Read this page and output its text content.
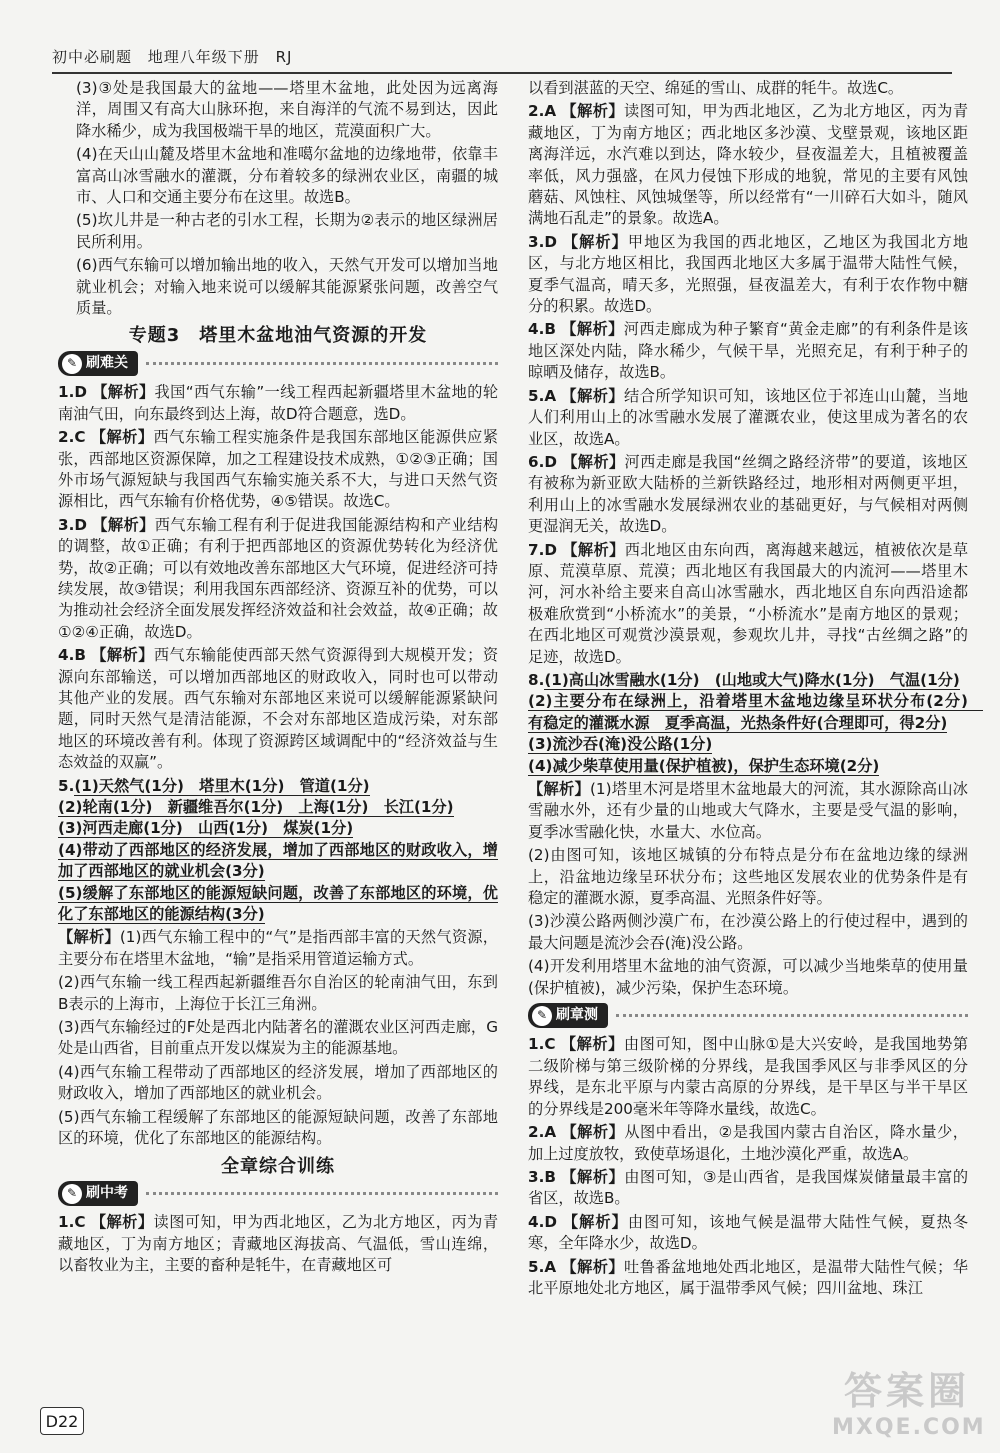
初中必刷题 地理八年级下册 RJ

(3)③处是我国最大的盆地——塔里木盆地，此处因为远离海洋，周围又有高大山脉环抱，来自海洋的气流不易到达，因此降水稀少，成为我国极端干旱的地区，荒漠面积广大。

(4)在天山山麓及塔里木盆地和准噶尔盆地的边缘地带，依靠丰富高山冰雪融水的灌溉，分布着较多的绿洲农业区，南疆的城市、人口和交通主要分布在这里。故选B。

(5)坎儿井是一种古老的引水工程，长期为②表示的地区绿洲居民所利用。

(6)西气东输可以增加输出地的收入，天然气开发可以增加当地就业机会；对输入地来说可以缓解其能源紧张问题，改善空气质量。

专题3　塔里木盆地油气资源的开发
✎ 刷难关

1.D 【解析】我国“西气东输”一线工程西起新疆塔里木盆地的轮南油气田，向东最终到达上海，故D符合题意，选D。

2.C 【解析】西气东输工程实施条件是我国东部地区能源供应紧张，西部地区资源保障，加之工程建设技术成熟，①②③正确；国外市场气源短缺与我国西气东输实施关系不大，与进口天然气资源相比，西气东输有价格优势，④⑤错误。故选C。

3.D 【解析】西气东输工程有利于促进我国能源结构和产业结构的调整，故①正确；有利于把西部地区的资源优势转化为经济优势，故②正确；可以有效地改善东部地区大气环境，促进经济可持续发展，故③错误；利用我国东西部经济、资源互补的优势，可以为推动社会经济全面发展发挥经济效益和社会效益，故④正确；故①②④正确，故选D。

4.B 【解析】西气东输能使西部天然气资源得到大规模开发；资源向东部输送，可以增加西部地区的财政收入，同时也可以带动其他产业的发展。西气东输对东部地区来说可以缓解能源紧缺问题，同时天然气是清洁能源，不会对东部地区造成污染，对东部地区的环境改善有利。体现了资源跨区域调配中的“经济效益与生态效益的双赢”。

5.(1)天然气(1分)　塔里木(1分)　管道(1分)
(2)轮南(1分)　新疆维吾尔(1分)　上海(1分)　长江(1分)
(3)河西走廊(1分)　山西(1分)　煤炭(1分)
(4)带动了西部地区的经济发展，增加了西部地区的财政收入，增加了西部地区的就业机会(3分)
(5)缓解了东部地区的能源短缺问题，改善了东部地区的环境，优化了东部地区的能源结构(3分)

【解析】(1)西气东输工程中的“气”是指西部丰富的天然气资源，主要分布在塔里木盆地，“输”是指采用管道运输方式。

(2)西气东输一线工程西起新疆维吾尔自治区的轮南油气田，东到B表示的上海市，上海位于长江三角洲。

(3)西气东输经过的F处是西北内陆著名的灌溉农业区河西走廊，G处是山西省，目前重点开发以煤炭为主的能源基地。

(4)西气东输工程带动了西部地区的经济发展，增加了西部地区的财政收入，增加了西部地区的就业机会。

(5)西气东输工程缓解了东部地区的能源短缺问题，改善了东部地区的环境，优化了东部地区的能源结构。

全章综合训练
✎ 刷中考

1.C 【解析】读图可知，甲为西北地区，乙为北方地区，丙为青藏地区，丁为南方地区；青藏地区海拔高、气温低，雪山连绵，以畜牧业为主，主要的畜种是牦牛，在青藏地区可

以看到湛蓝的天空、绵延的雪山、成群的牦牛。故选C。

2.A 【解析】读图可知，甲为西北地区，乙为北方地区，丙为青藏地区，丁为南方地区；西北地区多沙漠、戈壁景观，该地区距离海洋远，水汽难以到达，降水较少，昼夜温差大，且植被覆盖率低，风力强盛，在风力侵蚀下形成的地貌，常见的主要有风蚀蘑菇、风蚀柱、风蚀城堡等，所以经常有“一川碎石大如斗，随风满地石乱走”的景象。故选A。

3.D 【解析】甲地区为我国的西北地区，乙地区为我国北方地区，与北方地区相比，我国西北地区大多属于温带大陆性气候，夏季气温高，晴天多，光照强，昼夜温差大，有利于农作物中糖分的积累。故选D。

4.B 【解析】河西走廊成为种子繁育“黄金走廊”的有利条件是该地区深处内陆，降水稀少，气候干旱，光照充足，有利于种子的晾晒及储存，故选B。

5.A 【解析】结合所学知识可知，该地区位于祁连山山麓，当地人们利用山上的冰雪融水发展了灌溉农业，使这里成为著名的农业区，故选A。

6.D 【解析】河西走廊是我国“丝绸之路经济带”的要道，该地区有被称为新亚欧大陆桥的兰新铁路经过，地形相对两侧更平坦，利用山上的冰雪融水发展绿洲农业的基础更好，与气候相对两侧更湿润无关，故选D。

7.D 【解析】西北地区由东向西，离海越来越远，植被依次是草原、荒漠草原、荒漠；西北地区有我国最大的内流河——塔里木河，河水补给主要来自高山冰雪融水，西北地区自东向西沿途都极难欣赏到“小桥流水”的美景，“小桥流水”是南方地区的景观；在西北地区可观赏沙漠景观，参观坎儿井，寻找“古丝绸之路”的足迹，故选D。

8.(1)高山冰雪融水(1分)　(山地或大气)降水(1分)　气温(1分)
(2)主要分布在绿洲上，沿着塔里木盆地边缘呈环状分布(2分)　有稳定的灌溉水源　夏季高温，光热条件好(合理即可，得2分)
(3)流沙吞(淹)没公路(1分)
(4)减少柴草使用量(保护植被)，保护生态环境(2分)

【解析】(1)塔里木河是塔里木盆地最大的河流，其水源除高山冰雪融水外，还有少量的山地或大气降水，主要是受气温的影响，夏季冰雪融化快，水量大、水位高。

(2)由图可知，该地区城镇的分布特点是分布在盆地边缘的绿洲上，沿盆地边缘呈环状分布；这些地区发展农业的优势条件是有稳定的灌溉水源，夏季高温、光照条件好等。

(3)沙漠公路两侧沙漠广布，在沙漠公路上的行使过程中，遇到的最大问题是流沙会吞(淹)没公路。

(4)开发利用塔里木盆地的油气资源，可以减少当地柴草的使用量(保护植被)，减少污染，保护生态环境。

✎ 刷章测

1.C 【解析】由图可知，图中山脉①是大兴安岭，是我国地势第二级阶梯与第三级阶梯的分界线，是我国季风区与非季风区的分界线，是东北平原与内蒙古高原的分界线，是干旱区与半干旱区的分界线是200毫米年等降水量线，故选C。

2.A 【解析】从图中看出，②是我国内蒙古自治区，降水量少，加上过度放牧，致使草场退化，土地沙漠化严重，故选A。

3.B 【解析】由图可知，③是山西省，是我国煤炭储量最丰富的省区，故选B。

4.D 【解析】由图可知，该地气候是温带大陆性气候，夏热冬寒，全年降水少，故选D。

5.A 【解析】吐鲁番盆地地处西北地区，是温带大陆性气候；华北平原地处北方地区，属于温带季风气候；四川盆地、珠江

D22
答案圈
MXQE.COM
